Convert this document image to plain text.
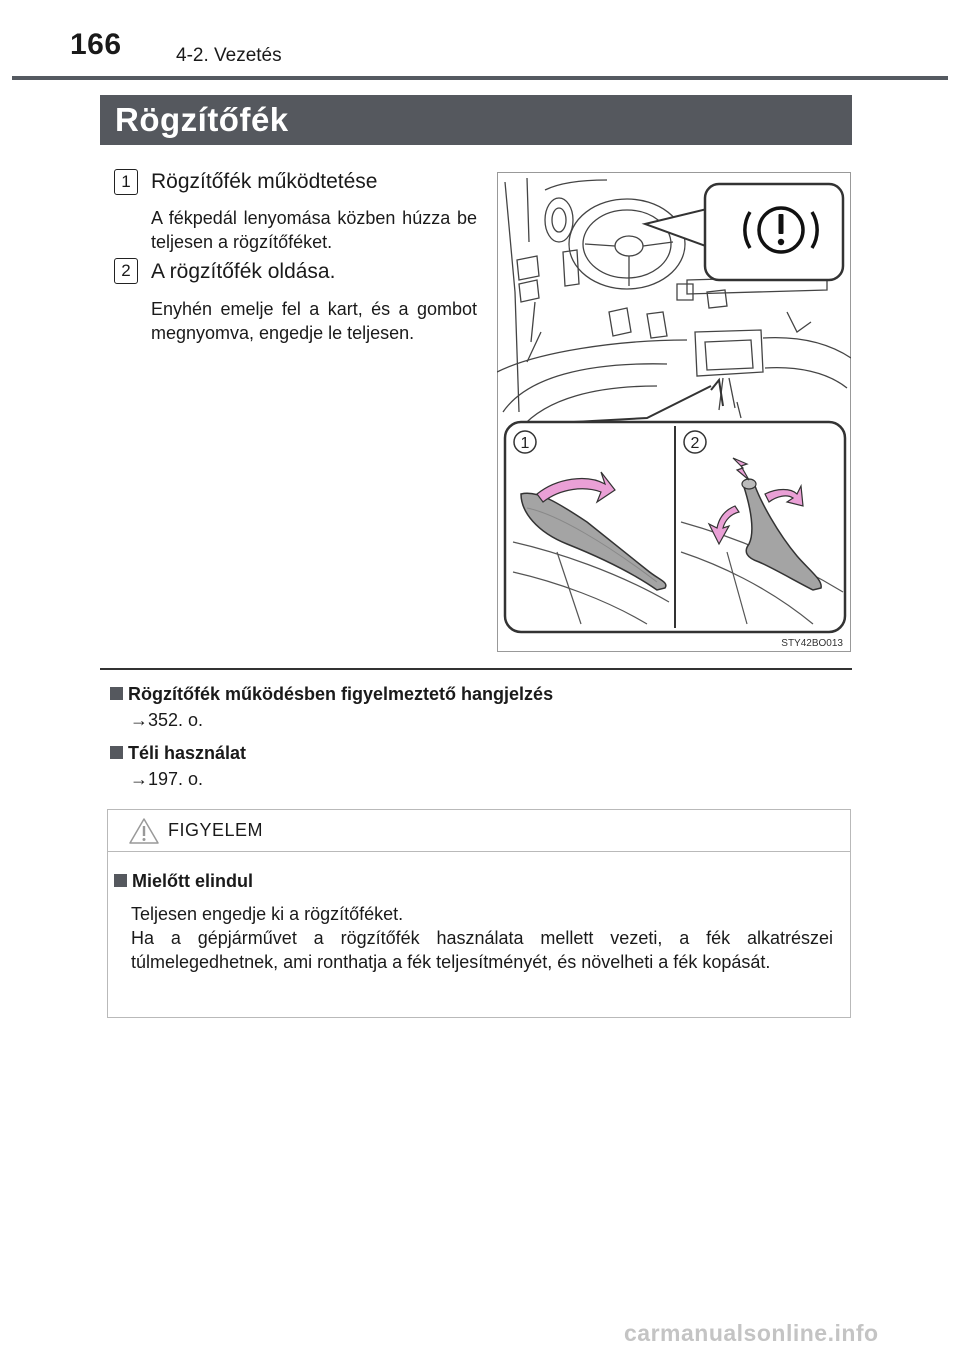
166	4-2. Vezetés
Rögzítőfék
1 Rögzítőfék működtetése
A fékpedál lenyomása közben húzza be teljesen a rögzítőféket.
2 A rögzítőfék oldása.
Enyhén emelje fel a kart, és a gombot megnyomva, engedje le teljesen.
1	2
STY42BO013
Rögzítőfék működésben figyelmeztető hangjelzés
→352. o.
Téli használat
→197. o.
FIGYELEM
Mielőtt elindul
Teljesen engedje ki a rögzítőféket.
Ha a gépjárművet a rögzítőfék használata mellett vezeti, a fék alkatrészei túlmelegedhetnek, ami ronthatja a fék teljesítményét, és növelheti a fék kopását.
carmanualsonline.info
